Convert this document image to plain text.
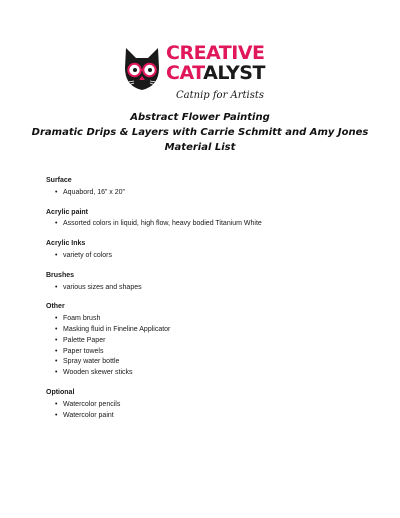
CREATIVE
CATALYST
Catnip for Artists
Abstract Flower Painting
Dramatic Drips & Layers with Carrie Schmitt and Amy Jones
Material List
Surface
• Aquabord, 16” x 20”
Acrylic paint
• Assorted colors in liquid, high flow, heavy bodied Titanium White
Acrylic Inks
• variety of colors
Brushes
• various sizes and shapes
Other
• Foam brush
• Masking fluid in Fineline Applicator
• Palette Paper
• Paper towels
• Spray water bottle
• Wooden skewer sticks
Optional
• Watercolor pencils
• Watercolor paint
